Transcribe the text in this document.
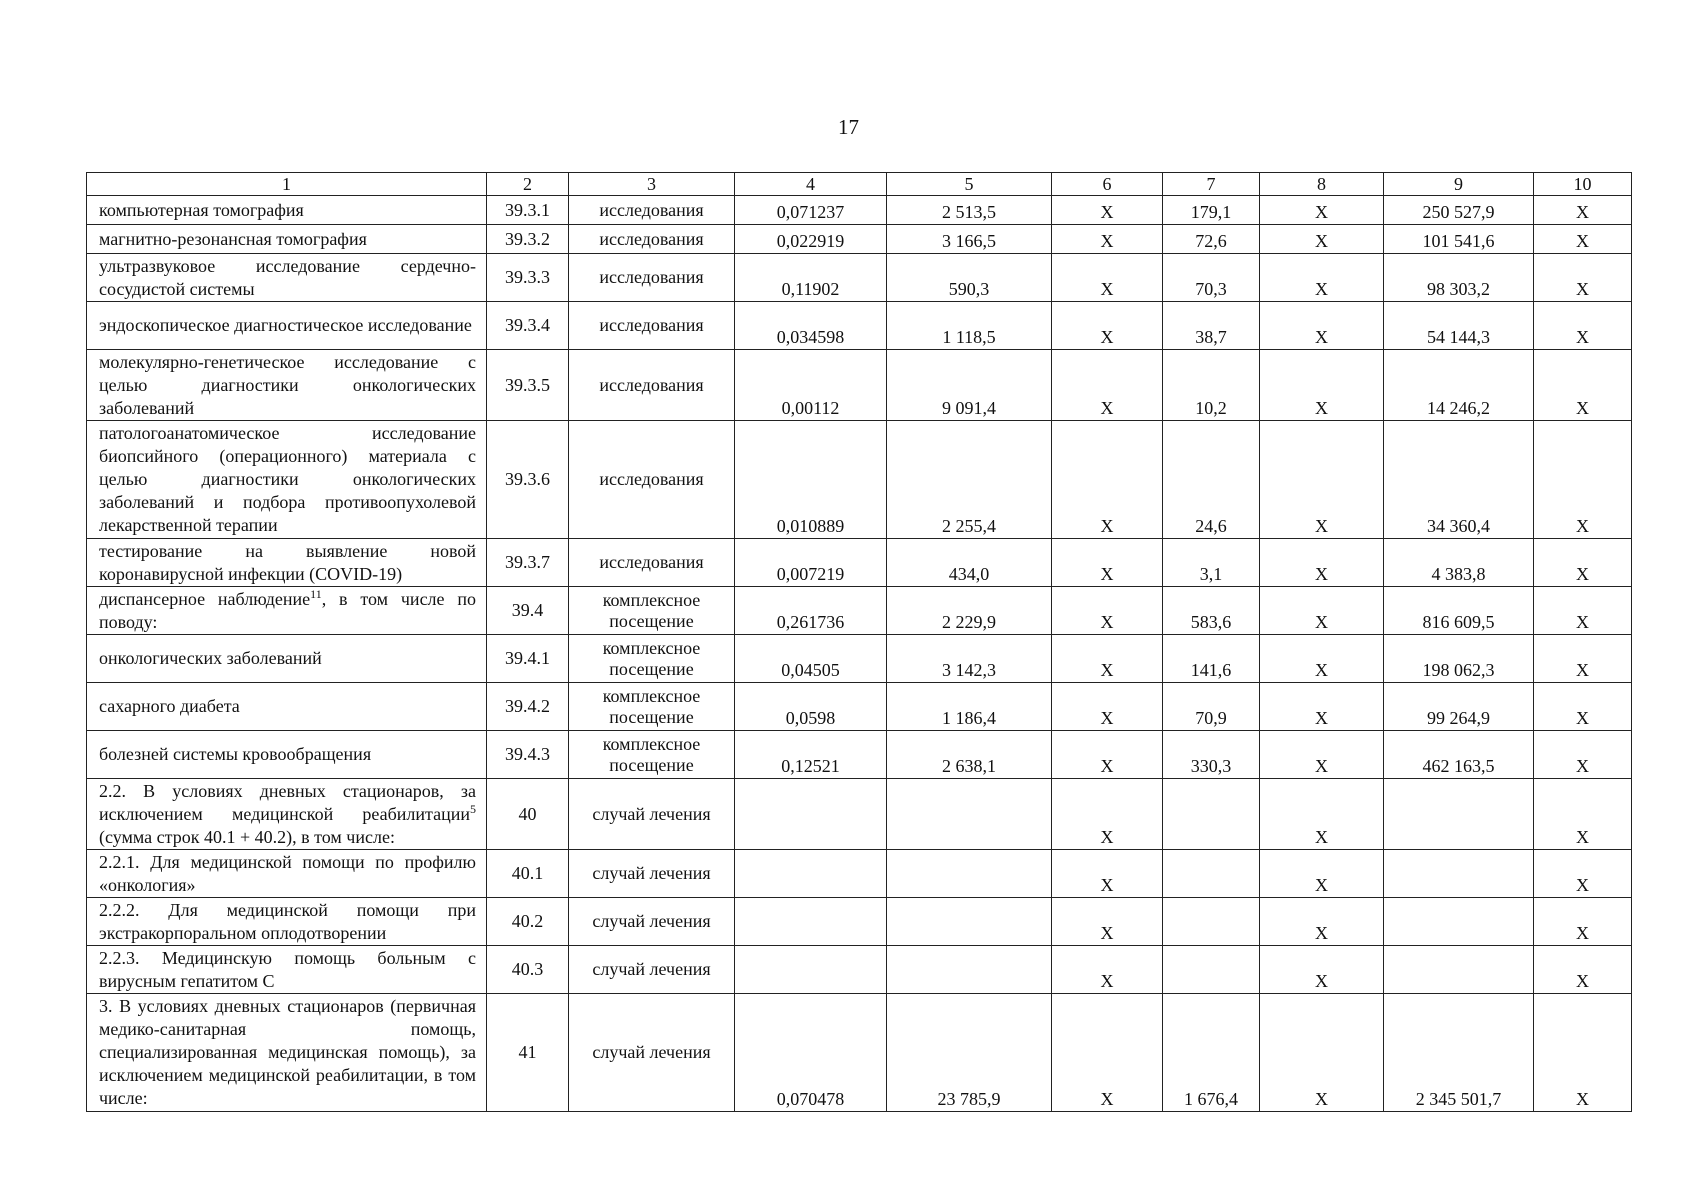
17
1	2	3	4	5	6	7	8	9	10
компьютерная томография	39.3.1	исследования	0,071237	2 513,5	Х	179,1	Х	250 527,9	Х
магнитно-резонансная томография	39.3.2	исследования	0,022919	3 166,5	Х	72,6	Х	101 541,6	Х
ультразвуковое исследование сердечно-сосудистой системы	39.3.3	исследования	0,11902	590,3	Х	70,3	Х	98 303,2	Х
эндоскопическое диагностическое исследование	39.3.4	исследования	0,034598	1 118,5	Х	38,7	Х	54 144,3	Х
молекулярно-генетическое исследование с целью диагностики онкологических заболеваний	39.3.5	исследования	0,00112	9 091,4	Х	10,2	Х	14 246,2	Х
патологоанатомическое исследование биопсийного (операционного) материала с целью диагностики онкологических заболеваний и подбора противоопухолевой лекарственной терапии	39.3.6	исследования	0,010889	2 255,4	Х	24,6	Х	34 360,4	Х
тестирование на выявление новой коронавирусной инфекции (COVID-19)	39.3.7	исследования	0,007219	434,0	Х	3,1	Х	4 383,8	Х
диспансерное наблюдение$^{11}$, в том числе по поводу:	39.4	комплексное посещение	0,261736	2 229,9	Х	583,6	Х	816 609,5	Х
онкологических заболеваний	39.4.1	комплексное посещение	0,04505	3 142,3	Х	141,6	Х	198 062,3	Х
сахарного диабета	39.4.2	комплексное посещение	0,0598	1 186,4	Х	70,9	Х	99 264,9	Х
болезней системы кровообращения	39.4.3	комплексное посещение	0,12521	2 638,1	Х	330,3	Х	462 163,5	Х
2.2. В условиях дневных стационаров, за исключением медицинской реабилитации$^5$ (сумма строк 40.1 + 40.2), в том числе:	40	случай лечения			Х		Х		Х
2.2.1. Для медицинской помощи по профилю «онкология»	40.1	случай лечения			Х		Х		Х
2.2.2. Для медицинской помощи при экстракорпоральном оплодотворении	40.2	случай лечения			Х		Х		Х
2.2.3. Медицинскую помощь больным с вирусным гепатитом С	40.3	случай лечения			Х		Х		Х
3. В условиях дневных стационаров (первичная медико-санитарная помощь, специализированная медицинская помощь), за исключением медицинской реабилитации, в том числе:	41	случай лечения	0,070478	23 785,9	Х	1 676,4	Х	2 345 501,7	Х
